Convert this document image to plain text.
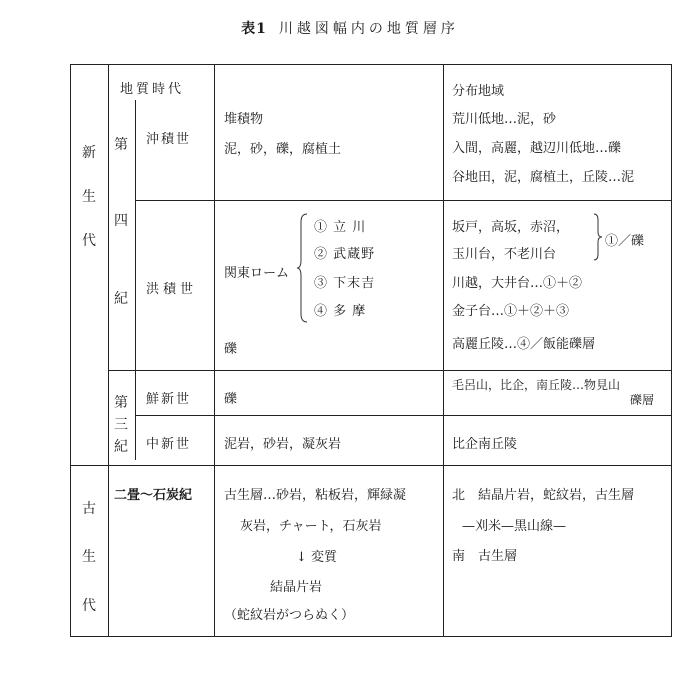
表1 川越図幅内の地質層序
地質時代	分布地域
新
生
代
古
生
代
第
四
紀
第
三
紀
沖積世
洪積世
鮮新世
中新世
二畳～石炭紀
堆積物
泥，砂，礫，腐植土
荒川低地…泥，砂
入間，高麗，越辺川低地…礫
谷地田，泥，腐植土，丘陵…泥
関東ローム
① 立 川
② 武蔵野
③ 下末吉
④ 多 摩
礫
坂戸，高坂，赤沼，
玉川台，不老川台
①／礫
川越，大井台…①＋②
金子台…①＋②＋③
高麗丘陵…④／飯能礫層
礫
毛呂山，比企，南丘陵…物見山
礫層
泥岩，砂岩，凝灰岩	比企南丘陵
古生層…砂岩，粘板岩，輝緑凝
灰岩，チャート，石灰岩
↓ 変質
結晶片岩
（蛇紋岩がつらぬく）
北　結晶片岩，蛇紋岩，古生層
—刈米—黒山線—
南　古生層
